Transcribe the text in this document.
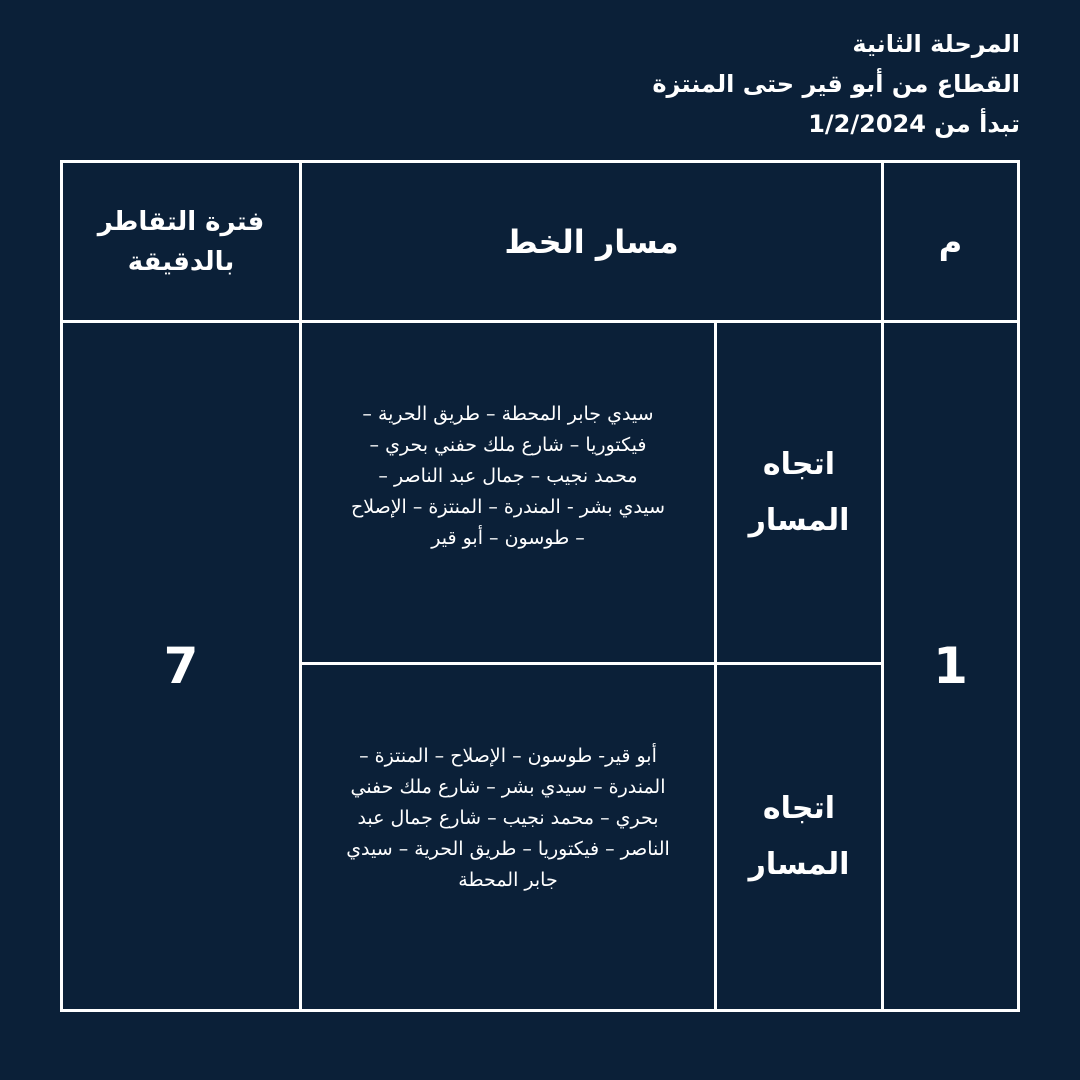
المرحلة الثانية
القطاع من أبو قير حتى المنتزة
تبدأ من 1/2/2024
فترة التقاطر
بالدقيقة
مسار الخط	م
7	1
اتجاه
المسار
سيدي جابر المحطة – طريق الحرية –
فيكتوريا – شارع ملك حفني بحري –
محمد نجيب – جمال عبد الناصر –
سيدي بشر - المندرة – المنتزة – الإصلاح
– طوسون – أبو قير
اتجاه
المسار
أبو قير- طوسون – الإصلاح – المنتزة –
المندرة – سيدي بشر – شارع ملك حفني
بحري – محمد نجيب – شارع جمال عبد
الناصر – فيكتوريا – طريق الحرية – سيدي
جابر المحطة
